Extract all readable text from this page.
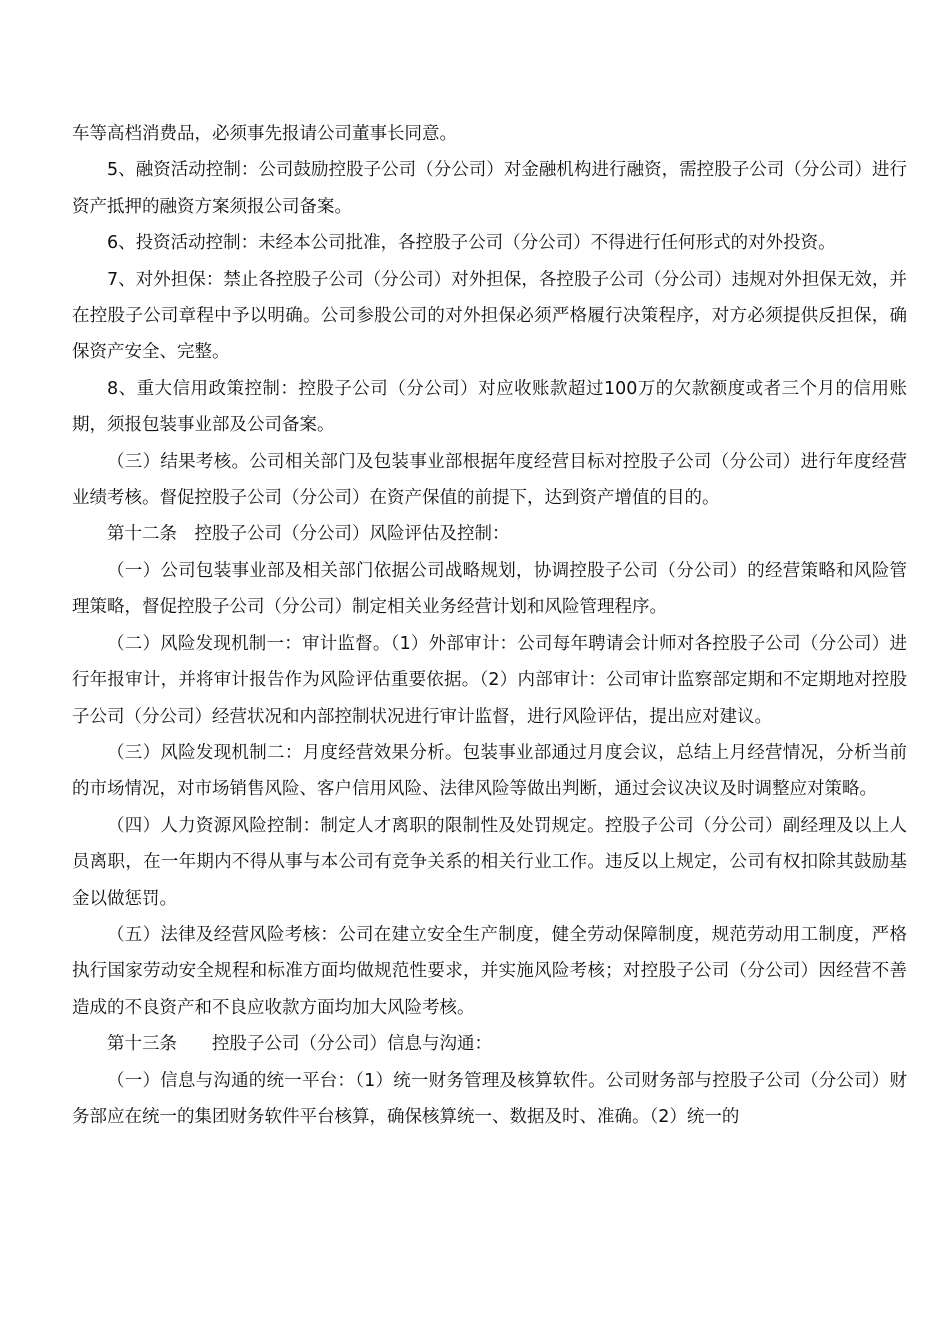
车等高档消费品，必须事先报请公司董事长同意。

5、融资活动控制：公司鼓励控股子公司（分公司）对金融机构进行融资，需控股子公司（分公司）进行资产抵押的融资方案须报公司备案。

6、投资活动控制：未经本公司批准，各控股子公司（分公司）不得进行任何形式的对外投资。

7、对外担保：禁止各控股子公司（分公司）对外担保，各控股子公司（分公司）违规对外担保无效，并在控股子公司章程中予以明确。公司参股公司的对外担保必须严格履行决策程序，对方必须提供反担保，确保资产安全、完整。

8、重大信用政策控制：控股子公司（分公司）对应收账款超过100万的欠款额度或者三个月的信用账期，须报包装事业部及公司备案。

（三）结果考核。公司相关部门及包装事业部根据年度经营目标对控股子公司（分公司）进行年度经营业绩考核。督促控股子公司（分公司）在资产保值的前提下，达到资产增值的目的。

第十二条　控股子公司（分公司）风险评估及控制：

（一）公司包装事业部及相关部门依据公司战略规划，协调控股子公司（分公司）的经营策略和风险管理策略，督促控股子公司（分公司）制定相关业务经营计划和风险管理程序。

（二）风险发现机制一：审计监督。（1）外部审计：公司每年聘请会计师对各控股子公司（分公司）进行年报审计，并将审计报告作为风险评估重要依据。（2）内部审计：公司审计监察部定期和不定期地对控股子公司（分公司）经营状况和内部控制状况进行审计监督，进行风险评估，提出应对建议。

（三）风险发现机制二：月度经营效果分析。包装事业部通过月度会议，总结上月经营情况，分析当前的市场情况，对市场销售风险、客户信用风险、法律风险等做出判断，通过会议决议及时调整应对策略。

（四）人力资源风险控制：制定人才离职的限制性及处罚规定。控股子公司（分公司）副经理及以上人员离职，在一年期内不得从事与本公司有竞争关系的相关行业工作。违反以上规定，公司有权扣除其鼓励基金以做惩罚。

（五）法律及经营风险考核：公司在建立安全生产制度，健全劳动保障制度，规范劳动用工制度，严格执行国家劳动安全规程和标准方面均做规范性要求，并实施风险考核；对控股子公司（分公司）因经营不善造成的不良资产和不良应收款方面均加大风险考核。

第十三条　　控股子公司（分公司）信息与沟通：

（一）信息与沟通的统一平台：（1）统一财务管理及核算软件。公司财务部与控股子公司（分公司）财务部应在统一的集团财务软件平台核算，确保核算统一、数据及时、准确。（2）统一的
